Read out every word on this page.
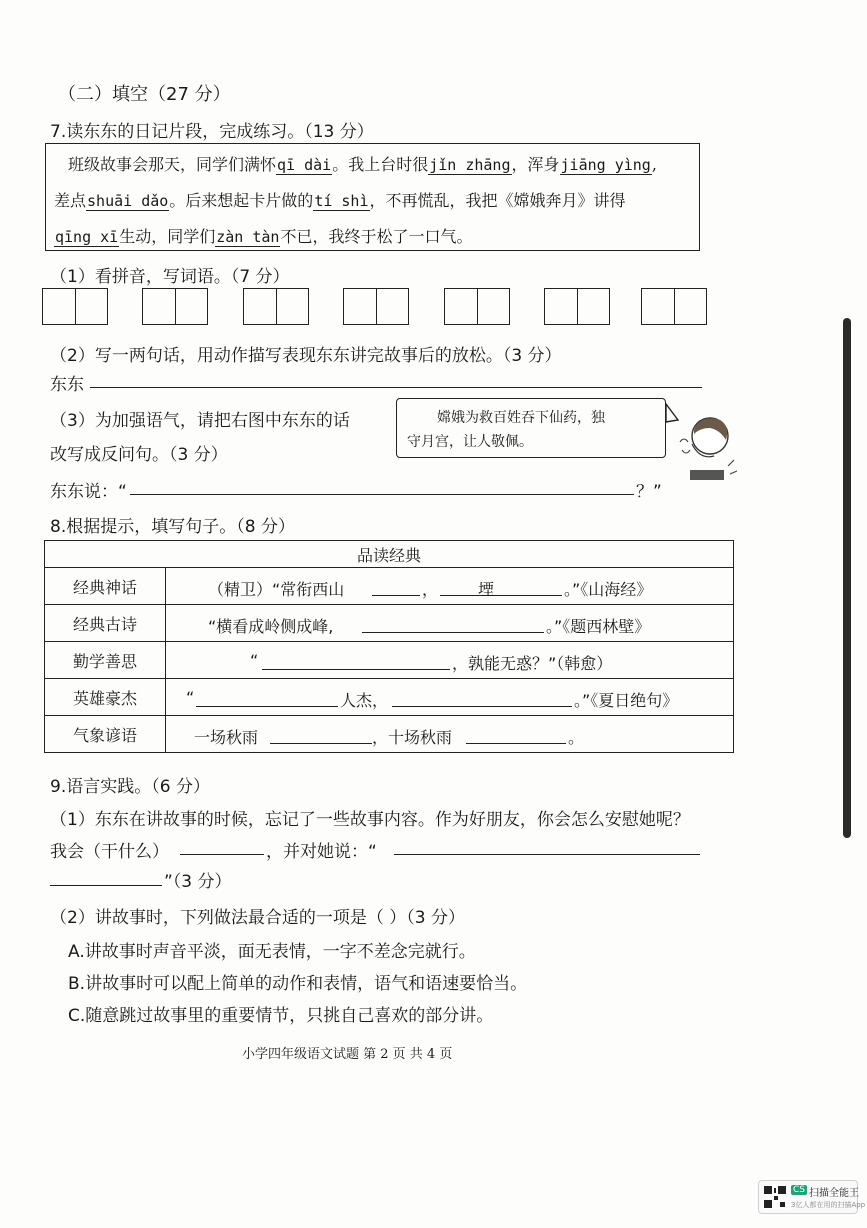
（二）填空（27 分）
7.读东东的日记片段，完成练习。（13 分）
班级故事会那天，同学们满怀qī dài。我上台时很jǐn zhāng，浑身jiāng yìng,
差点shuāi dǎo。后来想起卡片做的tí shì，不再慌乱，我把《嫦娥奔月》讲得
qīng xī生动，同学们zàn tàn不已，我终于松了一口气。
（1）看拼音，写词语。（7 分）
（2）写一两句话，用动作描写表现东东讲完故事后的放松。（3 分）
东东
（3）为加强语气，请把右图中东东的话
改写成反问句。（3 分）
嫦娥为救百姓吞下仙药，独
守月宫，让人敬佩。
东东说：“	？”
8.根据提示，填写句子。（8 分）
品读经典	
经典神话	（精卫）“常衔西山 ， 堙 。”《山海经》

经典古诗	“横看成岭侧成峰, 。”《题西林壁》

勤学善思	“ ，孰能无惑？”（韩愈）

英雄豪杰	“ 人杰， 。”《夏日绝句》

气象谚语	一场秋雨 ，十场秋雨 。
9.语言实践。（6 分）
（1）东东在讲故事的时候，忘记了一些故事内容。作为好朋友，你会怎么安慰她呢？
我会（干什么）	，并对她说：“
”（3 分）
（2）讲故事时，下列做法最合适的一项是（ ）（3 分）
A.讲故事时声音平淡，面无表情，一字不差念完就行。
B.讲故事时可以配上简单的动作和表情，语气和语速要恰当。
C.随意跳过故事里的重要情节，只挑自己喜欢的部分讲。
小学四年级语文试题 第 2 页 共 4 页
CS 扫描全能王
3亿人都在用的扫描App
